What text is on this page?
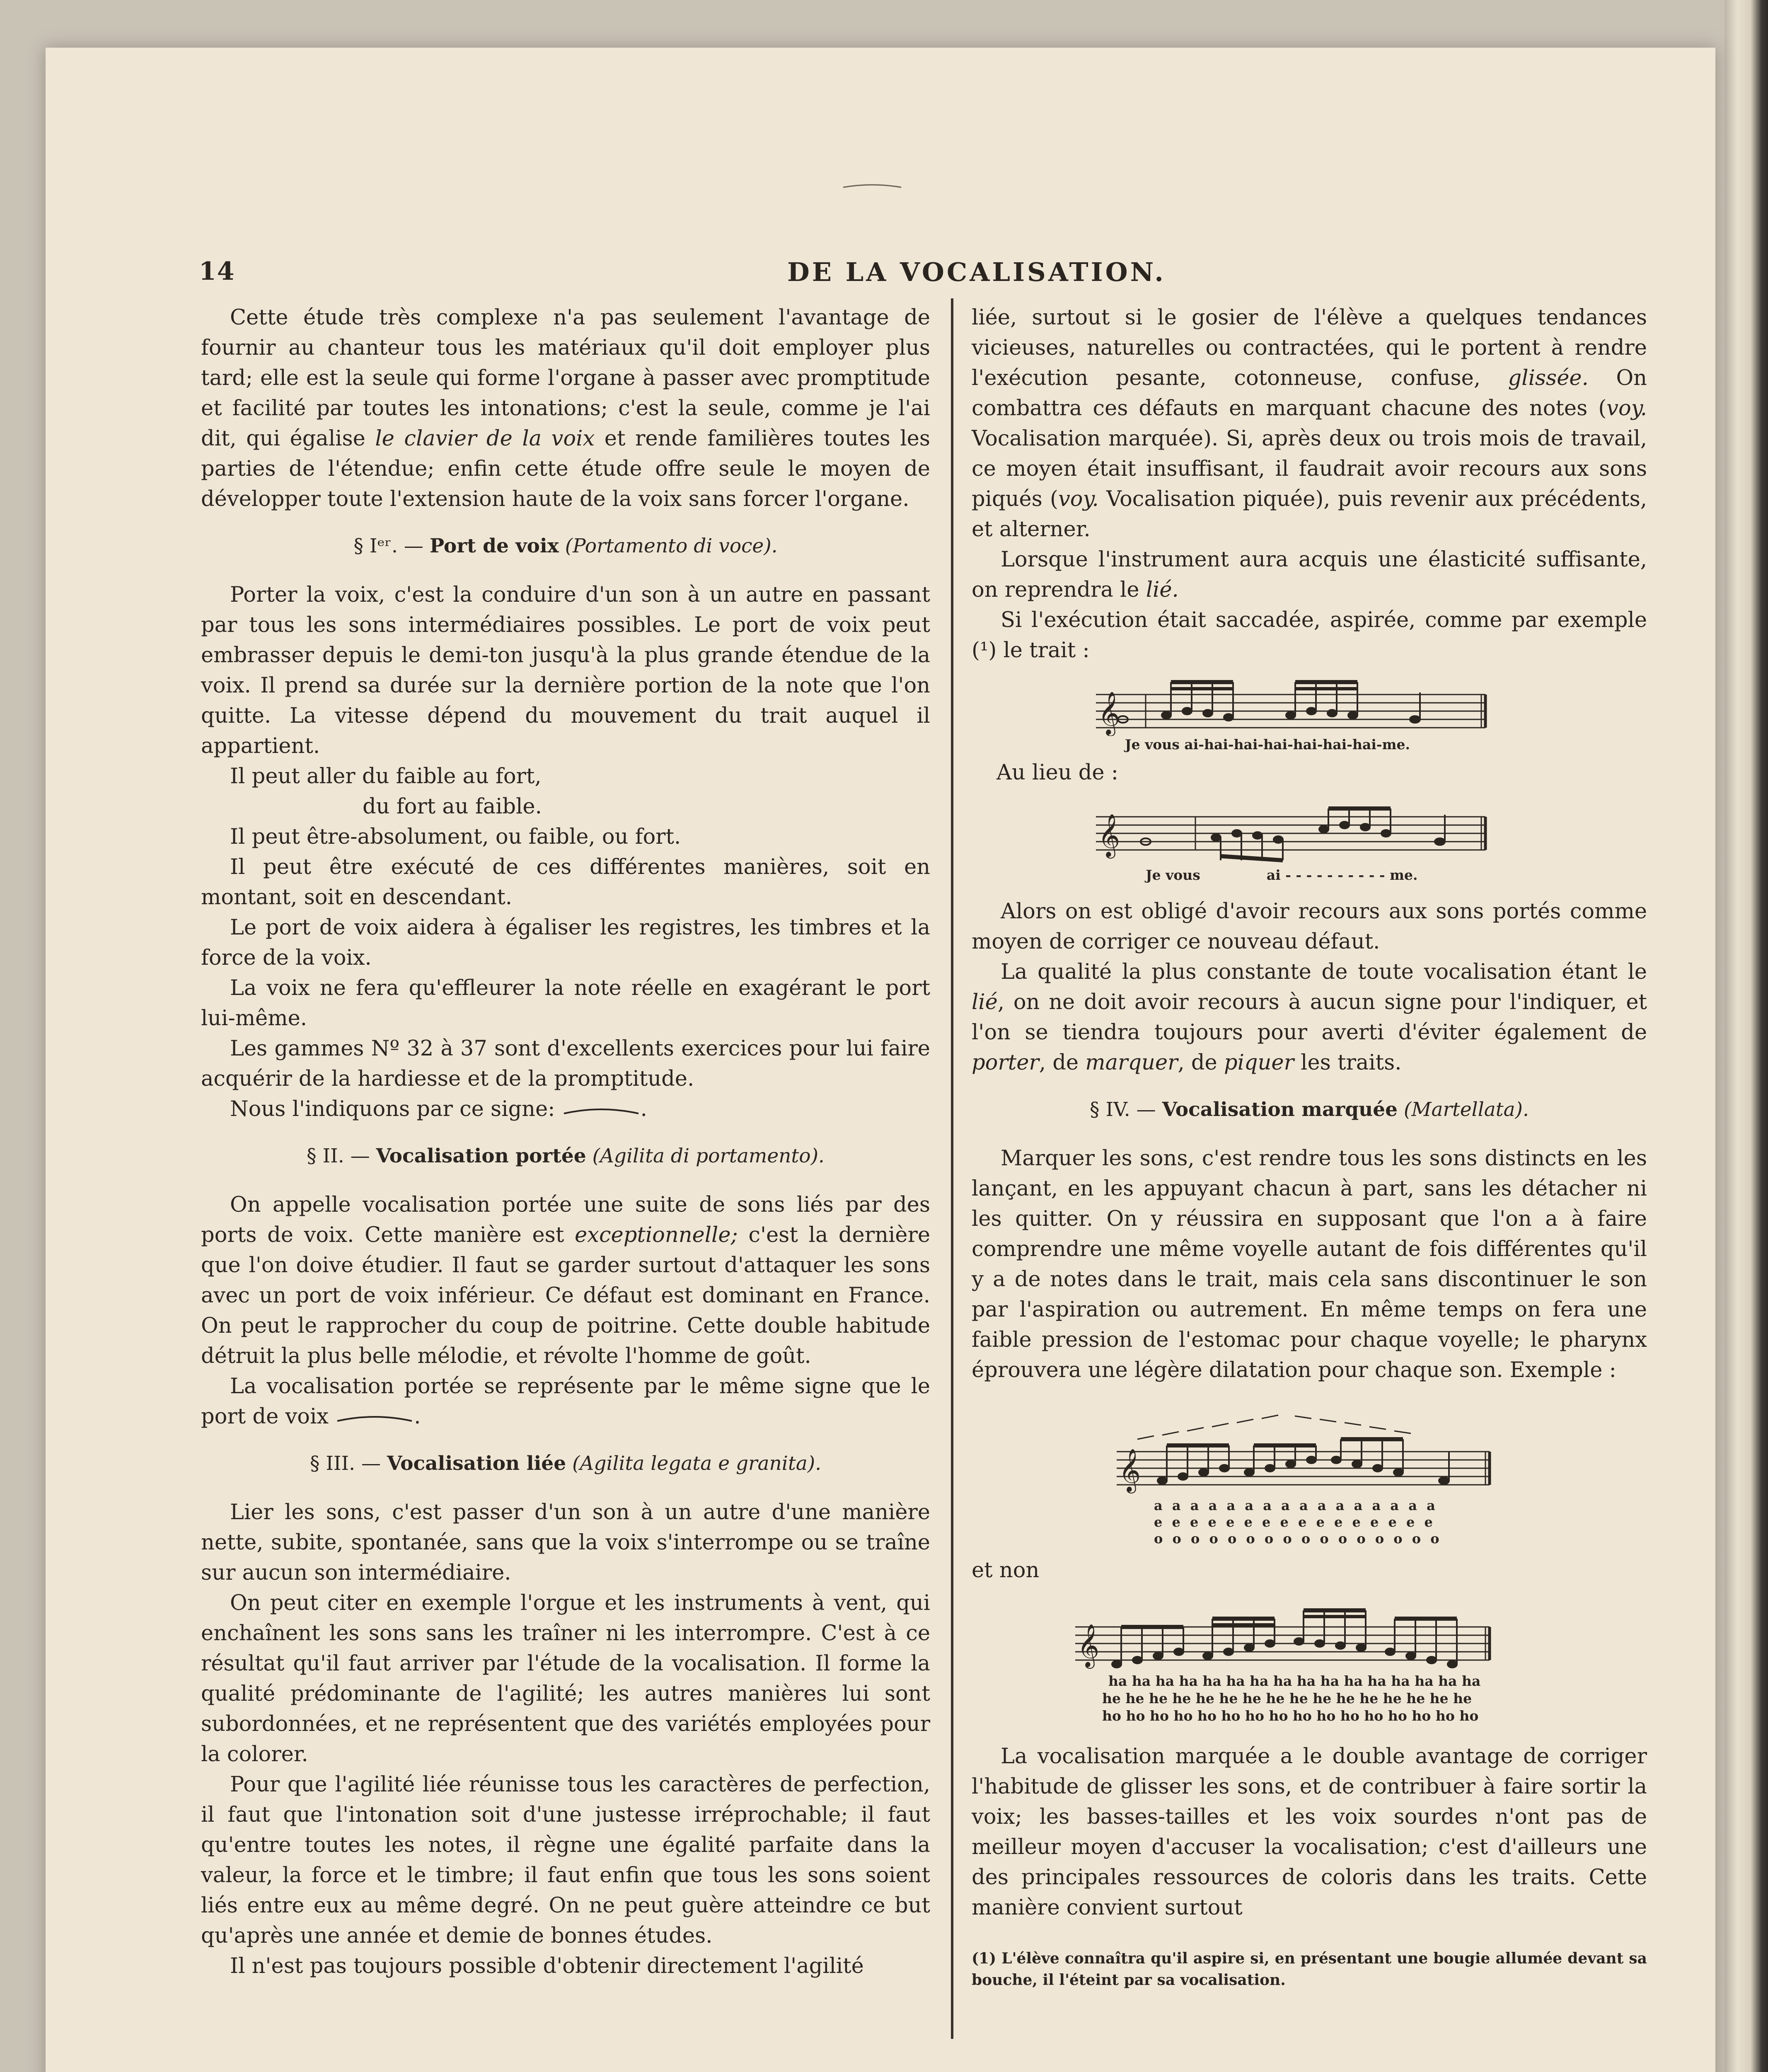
14	DE LA VOCALISATION.

Cette étude très complexe n'a pas seulement l'avantage de fournir au chanteur tous les matériaux qu'il doit employer plus tard; elle est la seule qui forme l'organe à passer avec promptitude et facilité par toutes les intonations; c'est la seule, comme je l'ai dit, qui égalise le clavier de la voix et rende familières toutes les parties de l'étendue; enfin cette étude offre seule le moyen de développer toute l'extension haute de la voix sans forcer l'organe.

§ Iᵉʳ. — Port de voix (Portamento di voce).

Porter la voix, c'est la conduire d'un son à un autre en passant par tous les sons intermédiaires possibles. Le port de voix peut embrasser depuis le demi-ton jusqu'à la plus grande étendue de la voix. Il prend sa durée sur la dernière portion de la note que l'on quitte. La vitesse dépend du mouvement du trait auquel il appartient.

Il peut aller du faible au fort,

du fort au faible.

Il peut être-absolument, ou faible, ou fort.

Il peut être exécuté de ces différentes manières, soit en montant, soit en descendant.

Le port de voix aidera à égaliser les registres, les timbres et la force de la voix.

La voix ne fera qu'effleurer la note réelle en exagérant le port lui-même.

Les gammes Nº 32 à 37 sont d'excellents exercices pour lui faire acquérir de la hardiesse et de la promptitude.

Nous l'indiquons par ce signe:	.

§ II. — Vocalisation portée (Agilita di portamento).

On appelle vocalisation portée une suite de sons liés par des ports de voix. Cette manière est exceptionnelle; c'est la dernière que l'on doive étudier. Il faut se garder surtout d'attaquer les sons avec un port de voix inférieur. Ce défaut est dominant en France. On peut le rapprocher du coup de poitrine. Cette double habitude détruit la plus belle mélodie, et révolte l'homme de goût.

La vocalisation portée se représente par le même signe que le port de voix	.

§ III. — Vocalisation liée (Agilita legata e granita).

Lier les sons, c'est passer d'un son à un autre d'une manière nette, subite, spontanée, sans que la voix s'interrompe ou se traîne sur aucun son intermédiaire.

On peut citer en exemple l'orgue et les instruments à vent, qui enchaînent les sons sans les traîner ni les interrompre. C'est à ce résultat qu'il faut arriver par l'étude de la vocalisation. Il forme la qualité prédominante de l'agilité; les autres manières lui sont subordonnées, et ne représentent que des variétés employées pour la colorer.

Pour que l'agilité liée réunisse tous les caractères de perfection, il faut que l'intonation soit d'une justesse irréprochable; il faut qu'entre toutes les notes, il règne une égalité parfaite dans la valeur, la force et le timbre; il faut enfin que tous les sons soient liés entre eux au même degré. On ne peut guère atteindre ce but qu'après une année et demie de bonnes études.

Il n'est pas toujours possible d'obtenir directement l'agilité

liée, surtout si le gosier de l'élève a quelques tendances vicieuses, naturelles ou contractées, qui le portent à rendre l'exécution pesante, cotonneuse, confuse, glissée. On combattra ces défauts en marquant chacune des notes (voy. Vocalisation marquée). Si, après deux ou trois mois de travail, ce moyen était insuffisant, il faudrait avoir recours aux sons piqués (voy. Vocalisation piquée), puis revenir aux précédents, et alterner.

Lorsque l'instrument aura acquis une élasticité suffisante, on reprendra le lié.

Si l'exécution était saccadée, aspirée, comme par exemple (¹) le trait :

𝄞
Je vous ai-hai-hai-hai-hai-hai-hai-me.

Au lieu de :

𝄞
Je vous	ai - - - - - - - - - - me.

Alors on est obligé d'avoir recours aux sons portés comme moyen de corriger ce nouveau défaut.

La qualité la plus constante de toute vocalisation étant le lié, on ne doit avoir recours à aucun signe pour l'indiquer, et l'on se tiendra toujours pour averti d'éviter également de porter, de marquer, de piquer les traits.

§ IV. — Vocalisation marquée (Martellata).

Marquer les sons, c'est rendre tous les sons distincts en les lançant, en les appuyant chacun à part, sans les détacher ni les quitter. On y réussira en supposant que l'on a à faire comprendre une même voyelle autant de fois différentes qu'il y a de notes dans le trait, mais cela sans discontinuer le son par l'aspiration ou autrement. En même temps on fera une faible pression de l'estomac pour chaque voyelle; le pharynx éprouvera une légère dilatation pour chaque son. Exemple :

𝄞
a a a a a a a a a a a a a a a a
e e e e e e e e e e e e e e e e
o o o o o o o o o o o o o o o o

et non

𝄞
ha ha ha ha ha ha ha ha ha ha ha ha ha ha ha ha
he he he he he he he he he he he he he he he he
ho ho ho ho ho ho ho ho ho ho ho ho ho ho ho ho

La vocalisation marquée a le double avantage de corriger l'habitude de glisser les sons, et de contribuer à faire sortir la voix; les basses-tailles et les voix sourdes n'ont pas de meilleur moyen d'accuser la vocalisation; c'est d'ailleurs une des principales ressources de coloris dans les traits. Cette manière convient surtout

(1) L'élève connaîtra qu'il aspire si, en présentant une bougie allumée devant sa bouche, il l'éteint par sa vocalisation.
